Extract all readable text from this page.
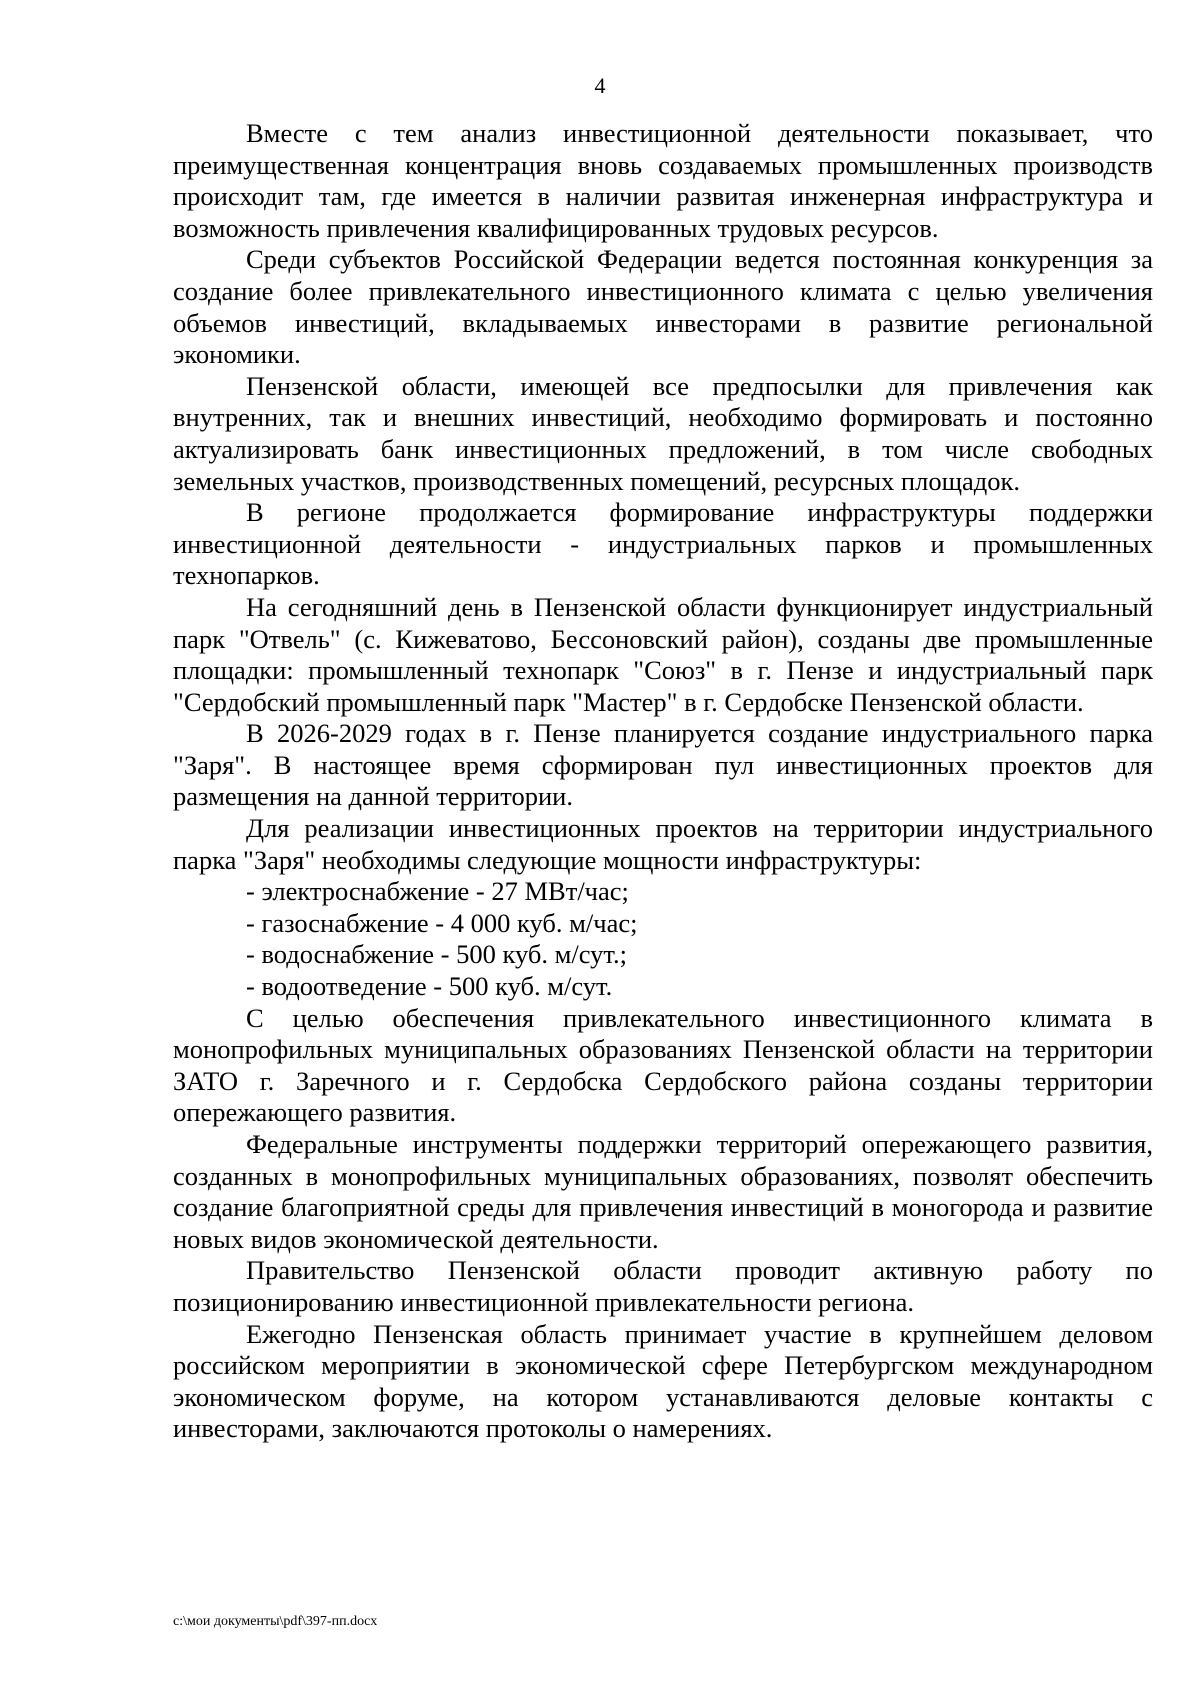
4

Вместе с тем анализ инвестиционной деятельности показывает, что преимущественная концентрация вновь создаваемых промышленных производств происходит там, где имеется в наличии развитая инженерная инфраструктура и возможность привлечения квалифицированных трудовых ресурсов.

Среди субъектов Российской Федерации ведется постоянная конкуренция за создание более привлекательного инвестиционного климата с целью увеличения объемов инвестиций, вкладываемых инвесторами в развитие региональной экономики.

Пензенской области, имеющей все предпосылки для привлечения как внутренних, так и внешних инвестиций, необходимо формировать и постоянно актуализировать банк инвестиционных предложений, в том числе свободных земельных участков, производственных помещений, ресурсных площадок.

В регионе продолжается формирование инфраструктуры поддержки инвестиционной деятельности - индустриальных парков и промышленных технопарков.

На сегодняшний день в Пензенской области функционирует индустриальный парк "Отвель" (с. Кижеватово, Бессоновский район), созданы две промышленные площадки: промышленный технопарк "Союз" в г. Пензе и индустриальный парк "Сердобский промышленный парк "Мастер" в г. Сердобске Пензенской области.

В 2026-2029 годах в г. Пензе планируется создание индустриального парка "Заря". В настоящее время сформирован пул инвестиционных проектов для размещения на данной территории.

Для реализации инвестиционных проектов на территории индустриального парка "Заря" необходимы следующие мощности инфраструктуры:

- электроснабжение - 27 МВт/час;

- газоснабжение - 4 000 куб. м/час;

- водоснабжение - 500 куб. м/сут.;

- водоотведение - 500 куб. м/сут.

С целью обеспечения привлекательного инвестиционного климата в монопрофильных муниципальных образованиях Пензенской области на территории ЗАТО г. Заречного и г. Сердобска Сердобского района созданы территории опережающего развития.

Федеральные инструменты поддержки территорий опережающего развития, созданных в монопрофильных муниципальных образованиях, позволят обеспечить создание благоприятной среды для привлечения инвестиций в моногорода и развитие новых видов экономической деятельности.

Правительство Пензенской области проводит активную работу по позиционированию инвестиционной привлекательности региона.

Ежегодно Пензенская область принимает участие в крупнейшем деловом российском мероприятии в экономической сфере Петербургском международном экономическом форуме, на котором устанавливаются деловые контакты с инвесторами, заключаются протоколы о намерениях.

c:\мои документы\pdf\397-пп.docx
